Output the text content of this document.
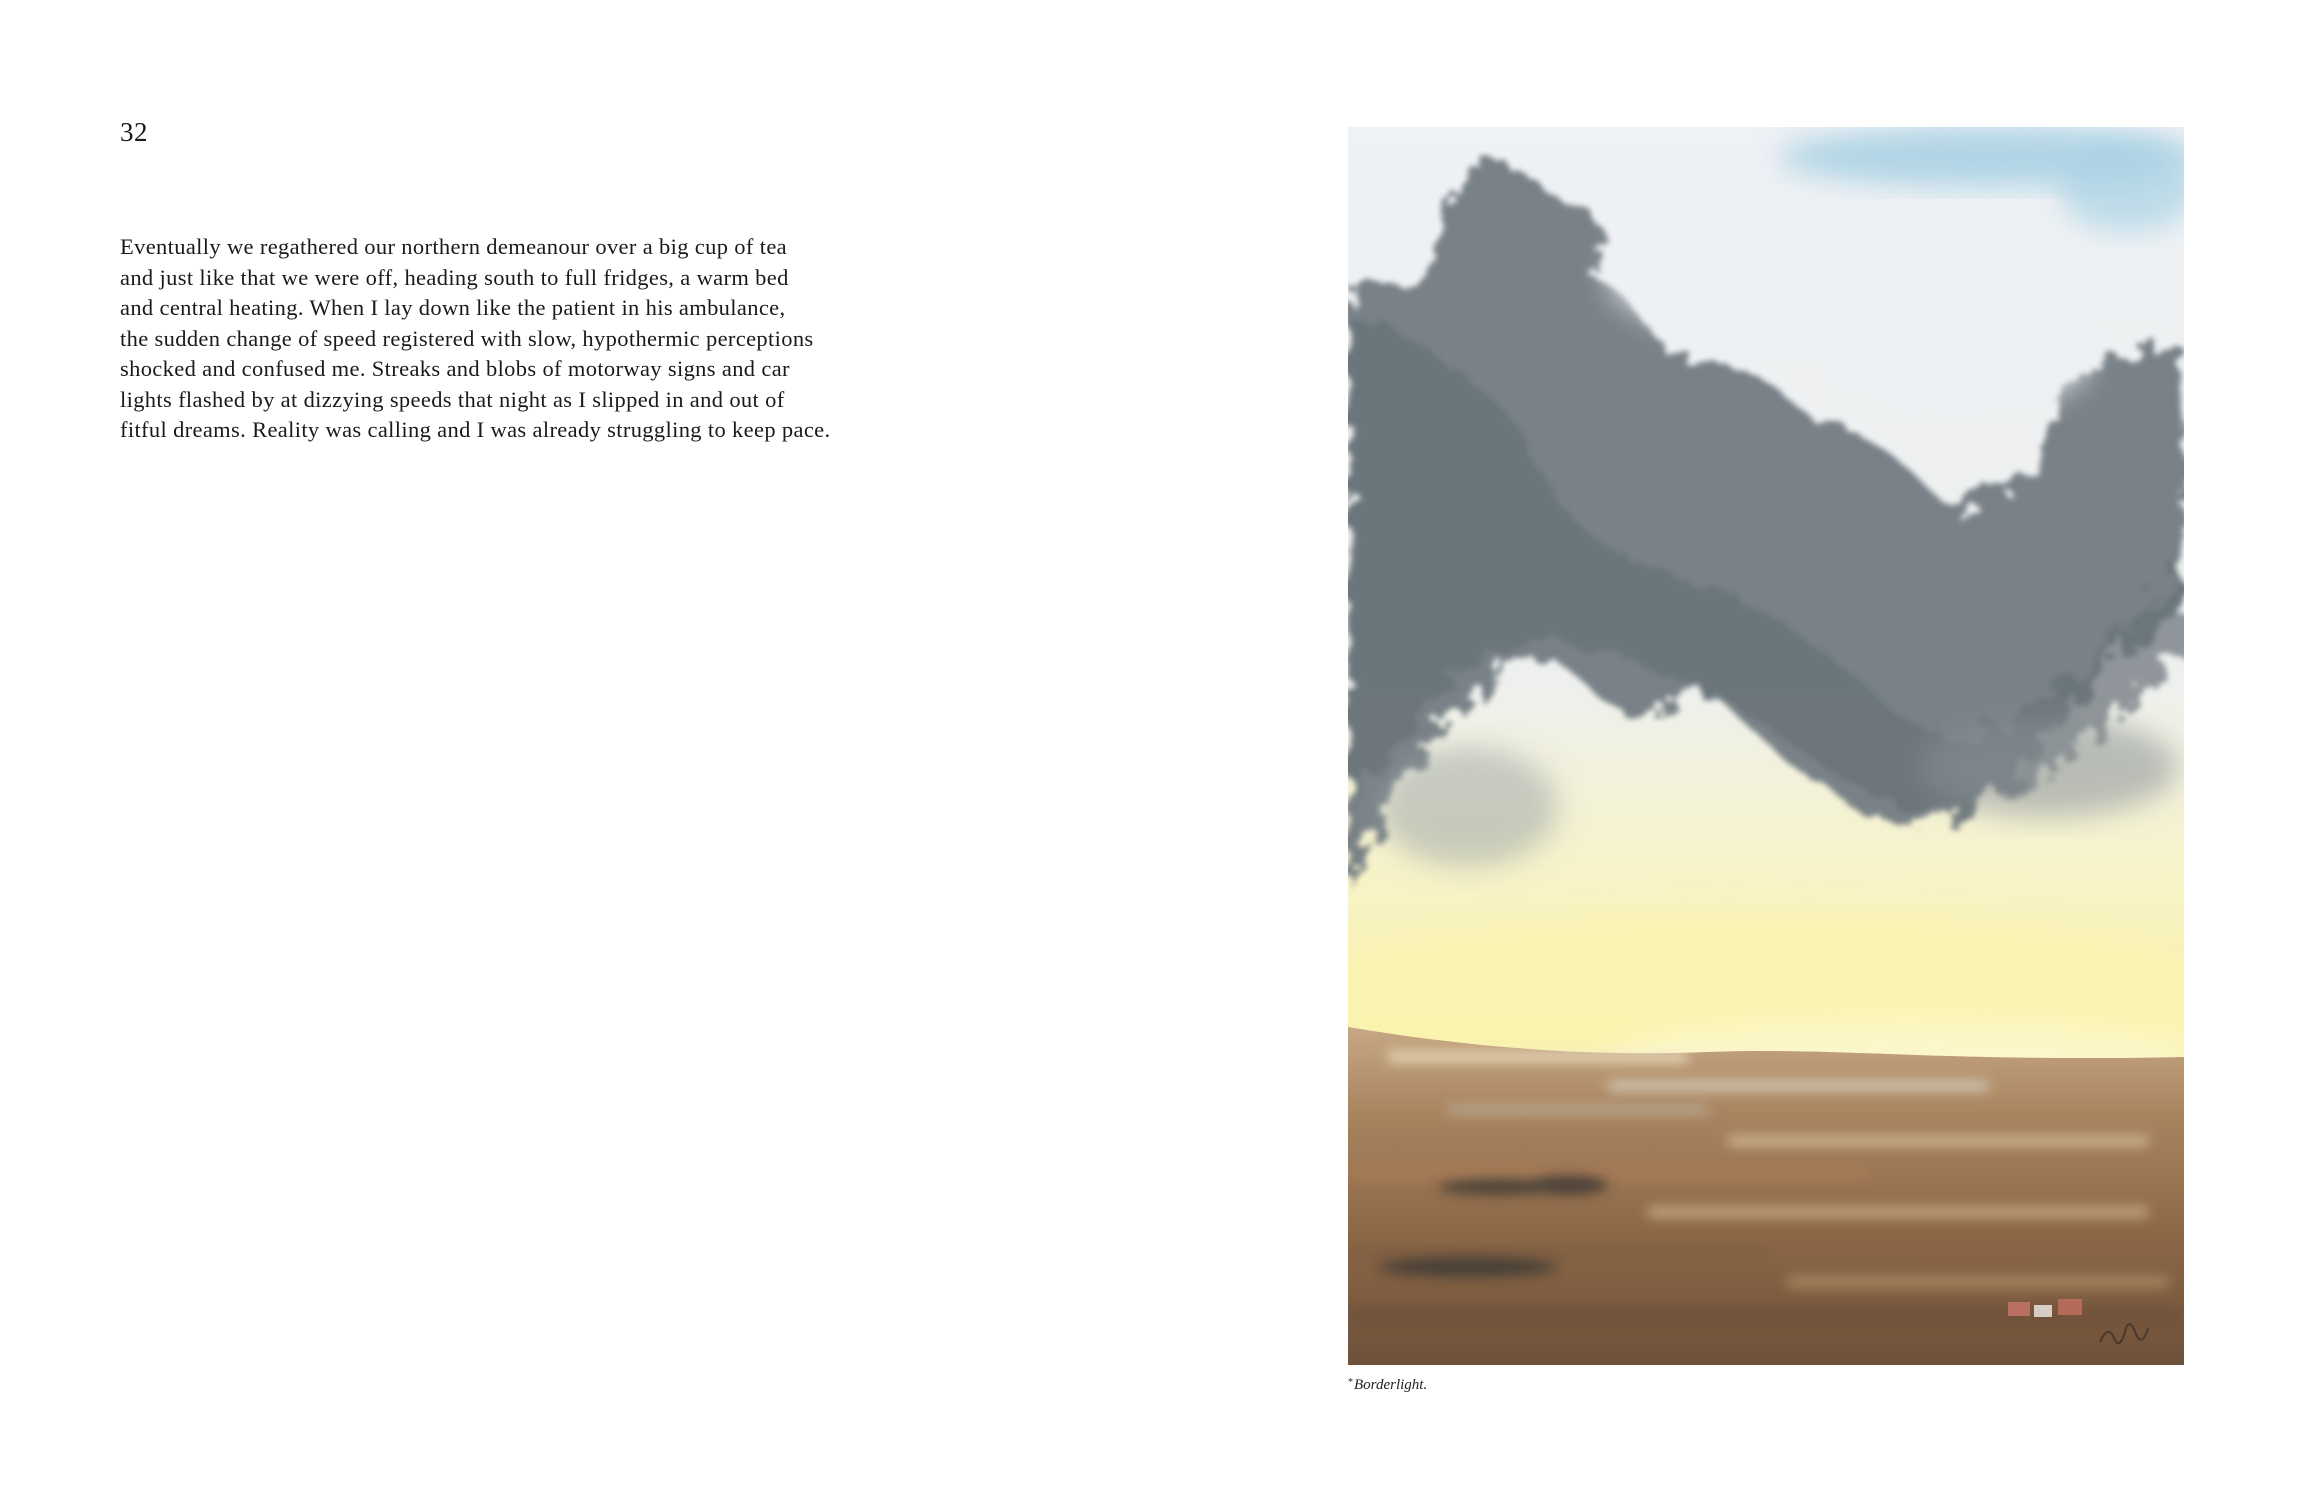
32
Eventually we regathered our northern demeanour over a big cup of tea
and just like that we were off, heading south to full fridges, a warm bed
and central heating. When I lay down like the patient in his ambulance,
the sudden change of speed registered with slow, hypothermic perceptions
shocked and confused me. Streaks and blobs of motorway signs and car
lights flashed by at dizzying speeds that night as I slipped in and out of
fitful dreams. Reality was calling and I was already struggling to keep pace.
*Borderlight.
